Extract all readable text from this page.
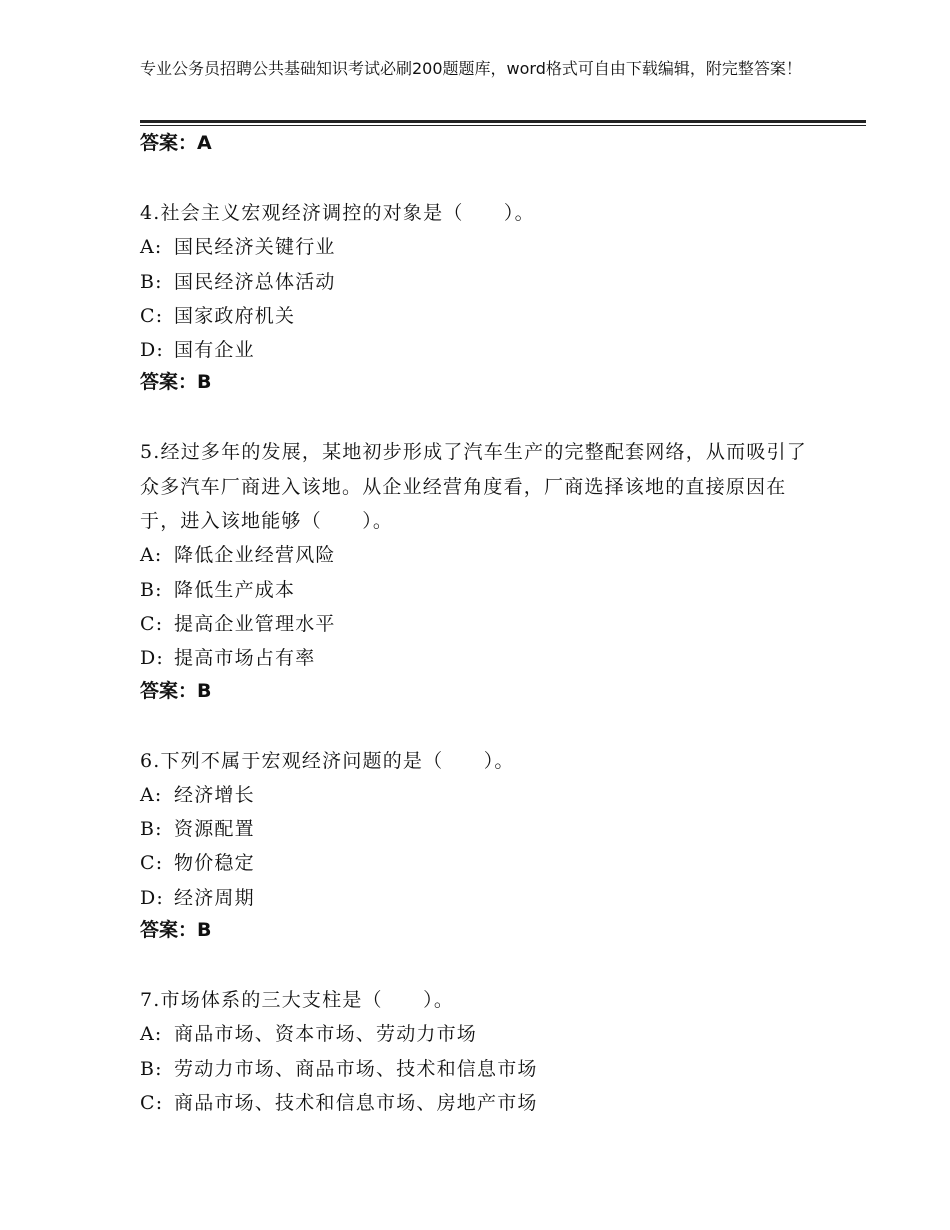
专业公务员招聘公共基础知识考试必刷200题题库，word格式可自由下载编辑，附完整答案！

答案：A

4.社会主义宏观经济调控的对象是（　　）。

A: 国民经济关键行业

B: 国民经济总体活动

C: 国家政府机关

D: 国有企业

答案：B

5.经过多年的发展，某地初步形成了汽车生产的完整配套网络，从而吸引了众多汽车厂商进入该地。从企业经营角度看，厂商选择该地的直接原因在于，进入该地能够（　　）。

A: 降低企业经营风险

B: 降低生产成本

C: 提高企业管理水平

D: 提高市场占有率

答案：B

6.下列不属于宏观经济问题的是（　　）。

A: 经济增长

B: 资源配置

C: 物价稳定

D: 经济周期

答案：B

7.市场体系的三大支柱是（　　）。

A: 商品市场、资本市场、劳动力市场

B: 劳动力市场、商品市场、技术和信息市场

C: 商品市场、技术和信息市场、房地产市场
